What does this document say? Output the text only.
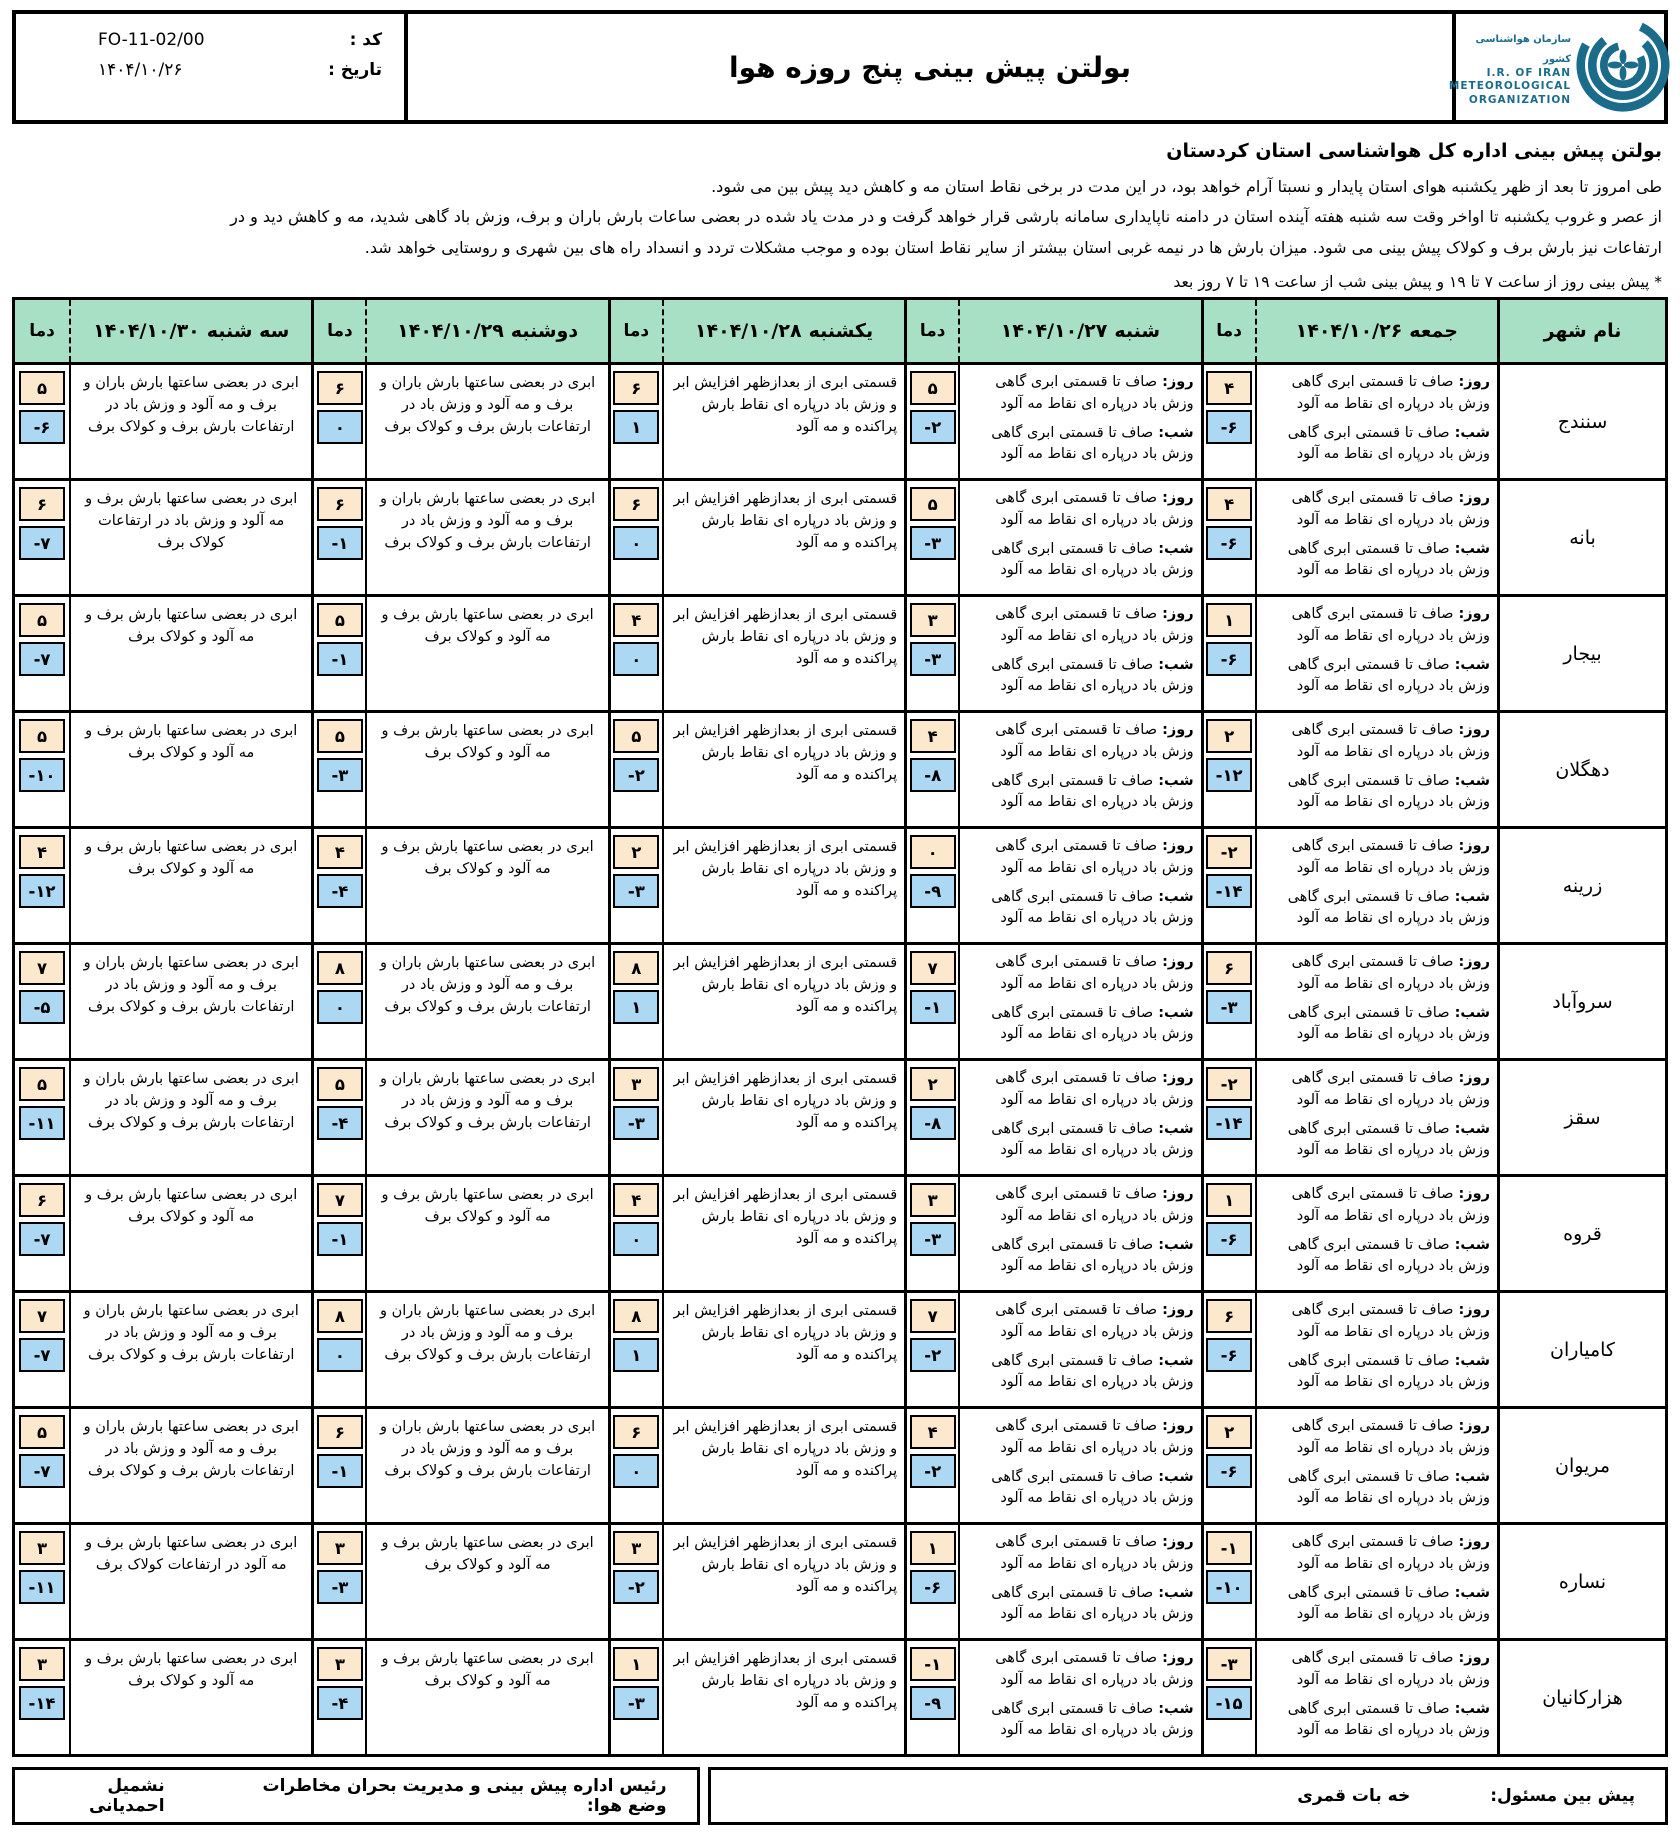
سازمان هواشناسی کشور

I.R. OF IRAN
METEOROLOGICAL
ORGANIZATION
بولتن پیش بینی پنج روزه هوا
کد :
FO-11-02/00
تاریخ :
۱۴۰۴/۱۰/۲۶
بولتن پیش بینی اداره کل هواشناسی استان کردستان
طی امروز تا بعد از ظهر یکشنبه هوای استان پایدار و نسبتا آرام خواهد بود، در این مدت در برخی نقاط استان مه و کاهش دید پیش بین می شود.
از عصر و غروب یکشنبه تا اواخر وقت سه شنبه هفته آینده استان در دامنه ناپایداری سامانه بارشی قرار خواهد گرفت و در مدت یاد شده در بعضی ساعات بارش باران و برف، وزش باد گاهی شدید، مه و کاهش دید و در
ارتفاعات نیز بارش برف و کولاک پیش بینی می شود. میزان بارش ها در نیمه غربی استان بیشتر از سایر نقاط استان بوده و موجب مشکلات تردد و انسداد راه های بین شهری و روستایی خواهد شد.
* پیش بینی روز از ساعت ۷ تا ۱۹ و پیش بینی شب از ساعت ۱۹ تا ۷ روز بعد
نام شهر
جمعه
۱۴۰۴/۱۰/۲۶
دما
شنبه
۱۴۰۴/۱۰/۲۷
دما
یکشنبه
۱۴۰۴/۱۰/۲۸
دما
دوشنبه
۱۴۰۴/۱۰/۲۹
دما
سه شنبه
۱۴۰۴/۱۰/۳۰
دما
سنندج
روز: صاف تا قسمتی ابری گاهی وزش باد درپاره ای نقاط مه آلود
شب: صاف تا قسمتی ابری گاهی وزش باد درپاره ای نقاط مه آلود
۴
-۶
روز: صاف تا قسمتی ابری گاهی وزش باد درپاره ای نقاط مه آلود
شب: صاف تا قسمتی ابری گاهی وزش باد درپاره ای نقاط مه آلود
۵
-۲
قسمتی ابری از بعدازظهر افزایش ابر و وزش باد درپاره ای نقاط بارش پراکنده و مه آلود
۶
۱
ابری در بعضی ساعتها بارش باران و برف و مه آلود و وزش باد در ارتفاعات بارش برف و کولاک برف
۶
۰
ابری در بعضی ساعتها بارش باران و برف و مه آلود و وزش باد در ارتفاعات بارش برف و کولاک برف
۵
-۶
بانه
روز: صاف تا قسمتی ابری گاهی وزش باد درپاره ای نقاط مه آلود
شب: صاف تا قسمتی ابری گاهی وزش باد درپاره ای نقاط مه آلود
۴
-۶
روز: صاف تا قسمتی ابری گاهی وزش باد درپاره ای نقاط مه آلود
شب: صاف تا قسمتی ابری گاهی وزش باد درپاره ای نقاط مه آلود
۵
-۳
قسمتی ابری از بعدازظهر افزایش ابر و وزش باد درپاره ای نقاط بارش پراکنده و مه آلود
۶
۰
ابری در بعضی ساعتها بارش باران و برف و مه آلود و وزش باد در ارتفاعات بارش برف و کولاک برف
۶
-۱
ابری در بعضی ساعتها بارش برف و مه آلود و وزش باد در ارتفاعات کولاک برف
۶
-۷
بیجار
روز: صاف تا قسمتی ابری گاهی وزش باد درپاره ای نقاط مه آلود
شب: صاف تا قسمتی ابری گاهی وزش باد درپاره ای نقاط مه آلود
۱
-۶
روز: صاف تا قسمتی ابری گاهی وزش باد درپاره ای نقاط مه آلود
شب: صاف تا قسمتی ابری گاهی وزش باد درپاره ای نقاط مه آلود
۳
-۳
قسمتی ابری از بعدازظهر افزایش ابر و وزش باد درپاره ای نقاط بارش پراکنده و مه آلود
۴
۰
ابری در بعضی ساعتها بارش برف و مه آلود و کولاک برف
۵
-۱
ابری در بعضی ساعتها بارش برف و مه آلود و کولاک برف
۵
-۷
دهگلان
روز: صاف تا قسمتی ابری گاهی وزش باد درپاره ای نقاط مه آلود
شب: صاف تا قسمتی ابری گاهی وزش باد درپاره ای نقاط مه آلود
۲
-۱۲
روز: صاف تا قسمتی ابری گاهی وزش باد درپاره ای نقاط مه آلود
شب: صاف تا قسمتی ابری گاهی وزش باد درپاره ای نقاط مه آلود
۴
-۸
قسمتی ابری از بعدازظهر افزایش ابر و وزش باد درپاره ای نقاط بارش پراکنده و مه آلود
۵
-۲
ابری در بعضی ساعتها بارش برف و مه آلود و کولاک برف
۵
-۳
ابری در بعضی ساعتها بارش برف و مه آلود و کولاک برف
۵
-۱۰
زرینه
روز: صاف تا قسمتی ابری گاهی وزش باد درپاره ای نقاط مه آلود
شب: صاف تا قسمتی ابری گاهی وزش باد درپاره ای نقاط مه آلود
-۲
-۱۴
روز: صاف تا قسمتی ابری گاهی وزش باد درپاره ای نقاط مه آلود
شب: صاف تا قسمتی ابری گاهی وزش باد درپاره ای نقاط مه آلود
۰
-۹
قسمتی ابری از بعدازظهر افزایش ابر و وزش باد درپاره ای نقاط بارش پراکنده و مه آلود
۲
-۳
ابری در بعضی ساعتها بارش برف و مه آلود و کولاک برف
۴
-۴
ابری در بعضی ساعتها بارش برف و مه آلود و کولاک برف
۴
-۱۲
سروآباد
روز: صاف تا قسمتی ابری گاهی وزش باد درپاره ای نقاط مه آلود
شب: صاف تا قسمتی ابری گاهی وزش باد درپاره ای نقاط مه آلود
۶
-۳
روز: صاف تا قسمتی ابری گاهی وزش باد درپاره ای نقاط مه آلود
شب: صاف تا قسمتی ابری گاهی وزش باد درپاره ای نقاط مه آلود
۷
-۱
قسمتی ابری از بعدازظهر افزایش ابر و وزش باد درپاره ای نقاط بارش پراکنده و مه آلود
۸
۱
ابری در بعضی ساعتها بارش باران و برف و مه آلود و وزش باد در ارتفاعات بارش برف و کولاک برف
۸
۰
ابری در بعضی ساعتها بارش باران و برف و مه آلود و وزش باد در ارتفاعات بارش برف و کولاک برف
۷
-۵
سقز
روز: صاف تا قسمتی ابری گاهی وزش باد درپاره ای نقاط مه آلود
شب: صاف تا قسمتی ابری گاهی وزش باد درپاره ای نقاط مه آلود
-۲
-۱۴
روز: صاف تا قسمتی ابری گاهی وزش باد درپاره ای نقاط مه آلود
شب: صاف تا قسمتی ابری گاهی وزش باد درپاره ای نقاط مه آلود
۲
-۸
قسمتی ابری از بعدازظهر افزایش ابر و وزش باد درپاره ای نقاط بارش پراکنده و مه آلود
۳
-۳
ابری در بعضی ساعتها بارش باران و برف و مه آلود و وزش باد در ارتفاعات بارش برف و کولاک برف
۵
-۴
ابری در بعضی ساعتها بارش باران و برف و مه آلود و وزش باد در ارتفاعات بارش برف و کولاک برف
۵
-۱۱
قروه
روز: صاف تا قسمتی ابری گاهی وزش باد درپاره ای نقاط مه آلود
شب: صاف تا قسمتی ابری گاهی وزش باد درپاره ای نقاط مه آلود
۱
-۶
روز: صاف تا قسمتی ابری گاهی وزش باد درپاره ای نقاط مه آلود
شب: صاف تا قسمتی ابری گاهی وزش باد درپاره ای نقاط مه آلود
۳
-۳
قسمتی ابری از بعدازظهر افزایش ابر و وزش باد درپاره ای نقاط بارش پراکنده و مه آلود
۴
۰
ابری در بعضی ساعتها بارش برف و مه آلود و کولاک برف
۷
-۱
ابری در بعضی ساعتها بارش برف و مه آلود و کولاک برف
۶
-۷
کامیاران
روز: صاف تا قسمتی ابری گاهی وزش باد درپاره ای نقاط مه آلود
شب: صاف تا قسمتی ابری گاهی وزش باد درپاره ای نقاط مه آلود
۶
-۶
روز: صاف تا قسمتی ابری گاهی وزش باد درپاره ای نقاط مه آلود
شب: صاف تا قسمتی ابری گاهی وزش باد درپاره ای نقاط مه آلود
۷
-۲
قسمتی ابری از بعدازظهر افزایش ابر و وزش باد درپاره ای نقاط بارش پراکنده و مه آلود
۸
۱
ابری در بعضی ساعتها بارش باران و برف و مه آلود و وزش باد در ارتفاعات بارش برف و کولاک برف
۸
۰
ابری در بعضی ساعتها بارش باران و برف و مه آلود و وزش باد در ارتفاعات بارش برف و کولاک برف
۷
-۷
مریوان
روز: صاف تا قسمتی ابری گاهی وزش باد درپاره ای نقاط مه آلود
شب: صاف تا قسمتی ابری گاهی وزش باد درپاره ای نقاط مه آلود
۲
-۶
روز: صاف تا قسمتی ابری گاهی وزش باد درپاره ای نقاط مه آلود
شب: صاف تا قسمتی ابری گاهی وزش باد درپاره ای نقاط مه آلود
۴
-۲
قسمتی ابری از بعدازظهر افزایش ابر و وزش باد درپاره ای نقاط بارش پراکنده و مه آلود
۶
۰
ابری در بعضی ساعتها بارش باران و برف و مه آلود و وزش باد در ارتفاعات بارش برف و کولاک برف
۶
-۱
ابری در بعضی ساعتها بارش باران و برف و مه آلود و وزش باد در ارتفاعات بارش برف و کولاک برف
۵
-۷
نساره
روز: صاف تا قسمتی ابری گاهی وزش باد درپاره ای نقاط مه آلود
شب: صاف تا قسمتی ابری گاهی وزش باد درپاره ای نقاط مه آلود
-۱
-۱۰
روز: صاف تا قسمتی ابری گاهی وزش باد درپاره ای نقاط مه آلود
شب: صاف تا قسمتی ابری گاهی وزش باد درپاره ای نقاط مه آلود
۱
-۶
قسمتی ابری از بعدازظهر افزایش ابر و وزش باد درپاره ای نقاط بارش پراکنده و مه آلود
۳
-۲
ابری در بعضی ساعتها بارش برف و مه آلود و کولاک برف
۳
-۳
ابری در بعضی ساعتها بارش برف و مه آلود در ارتفاعات کولاک برف
۳
-۱۱
هزارکانیان
روز: صاف تا قسمتی ابری گاهی وزش باد درپاره ای نقاط مه آلود
شب: صاف تا قسمتی ابری گاهی وزش باد درپاره ای نقاط مه آلود
-۳
-۱۵
روز: صاف تا قسمتی ابری گاهی وزش باد درپاره ای نقاط مه آلود
شب: صاف تا قسمتی ابری گاهی وزش باد درپاره ای نقاط مه آلود
-۱
-۹
قسمتی ابری از بعدازظهر افزایش ابر و وزش باد درپاره ای نقاط بارش پراکنده و مه آلود
۱
-۳
ابری در بعضی ساعتها بارش برف و مه آلود و کولاک برف
۳
-۴
ابری در بعضی ساعتها بارش برف و مه آلود و کولاک برف
۳
-۱۴
پیش بین مسئول:
خه بات قمری
رئیس اداره پیش بینی و مدیریت بحران مخاطرات وضع هوا:
نشمیل احمدیانی
